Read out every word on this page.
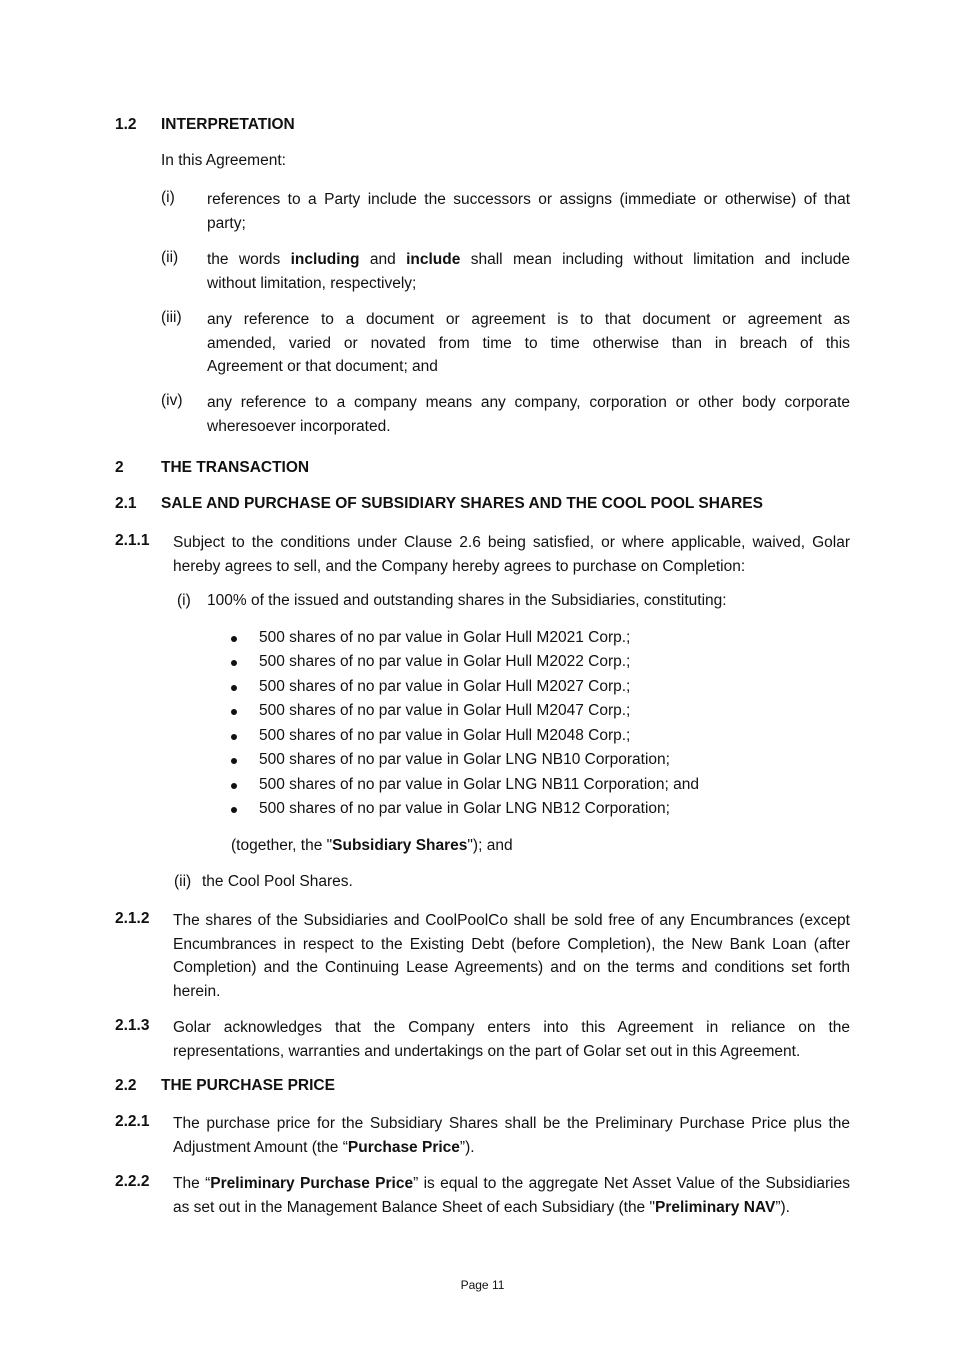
1.2 INTERPRETATION
In this Agreement:
(i) references to a Party include the successors or assigns (immediate or otherwise) of that
party;
(ii) the words including and include shall mean including without limitation and include
without limitation, respectively;
(iii) any reference to a document or agreement is to that document or agreement as
amended, varied or novated from time to time otherwise than in breach of this
Agreement or that document; and
(iv) any reference to a company means any company, corporation or other body corporate
wheresoever incorporated.
2 THE TRANSACTION
2.1 SALE AND PURCHASE OF SUBSIDIARY SHARES AND THE COOL POOL SHARES
2.1.1 Subject to the conditions under Clause 2.6 being satisfied, or where applicable, waived, Golar
hereby agrees to sell, and the Company hereby agrees to purchase on Completion:
(i) 100% of the issued and outstanding shares in the Subsidiaries, constituting:
500 shares of no par value in Golar Hull M2021 Corp.;
500 shares of no par value in Golar Hull M2022 Corp.;
500 shares of no par value in Golar Hull M2027 Corp.;
500 shares of no par value in Golar Hull M2047 Corp.;
500 shares of no par value in Golar Hull M2048 Corp.;
500 shares of no par value in Golar LNG NB10 Corporation;
500 shares of no par value in Golar LNG NB11 Corporation; and
500 shares of no par value in Golar LNG NB12 Corporation;
(together, the "Subsidiary Shares"); and
(ii) the Cool Pool Shares.
2.1.2 The shares of the Subsidiaries and CoolPoolCo shall be sold free of any Encumbrances (except
Encumbrances in respect to the Existing Debt (before Completion), the New Bank Loan (after
Completion) and the Continuing Lease Agreements) and on the terms and conditions set forth
herein.
2.1.3 Golar acknowledges that the Company enters into this Agreement in reliance on the
representations, warranties and undertakings on the part of Golar set out in this Agreement.
2.2 THE PURCHASE PRICE
2.2.1 The purchase price for the Subsidiary Shares shall be the Preliminary Purchase Price plus the
Adjustment Amount (the “Purchase Price”).
2.2.2 The “Preliminary Purchase Price” is equal to the aggregate Net Asset Value of the Subsidiaries
as set out in the Management Balance Sheet of each Subsidiary (the "Preliminary NAV”).
Page 11
